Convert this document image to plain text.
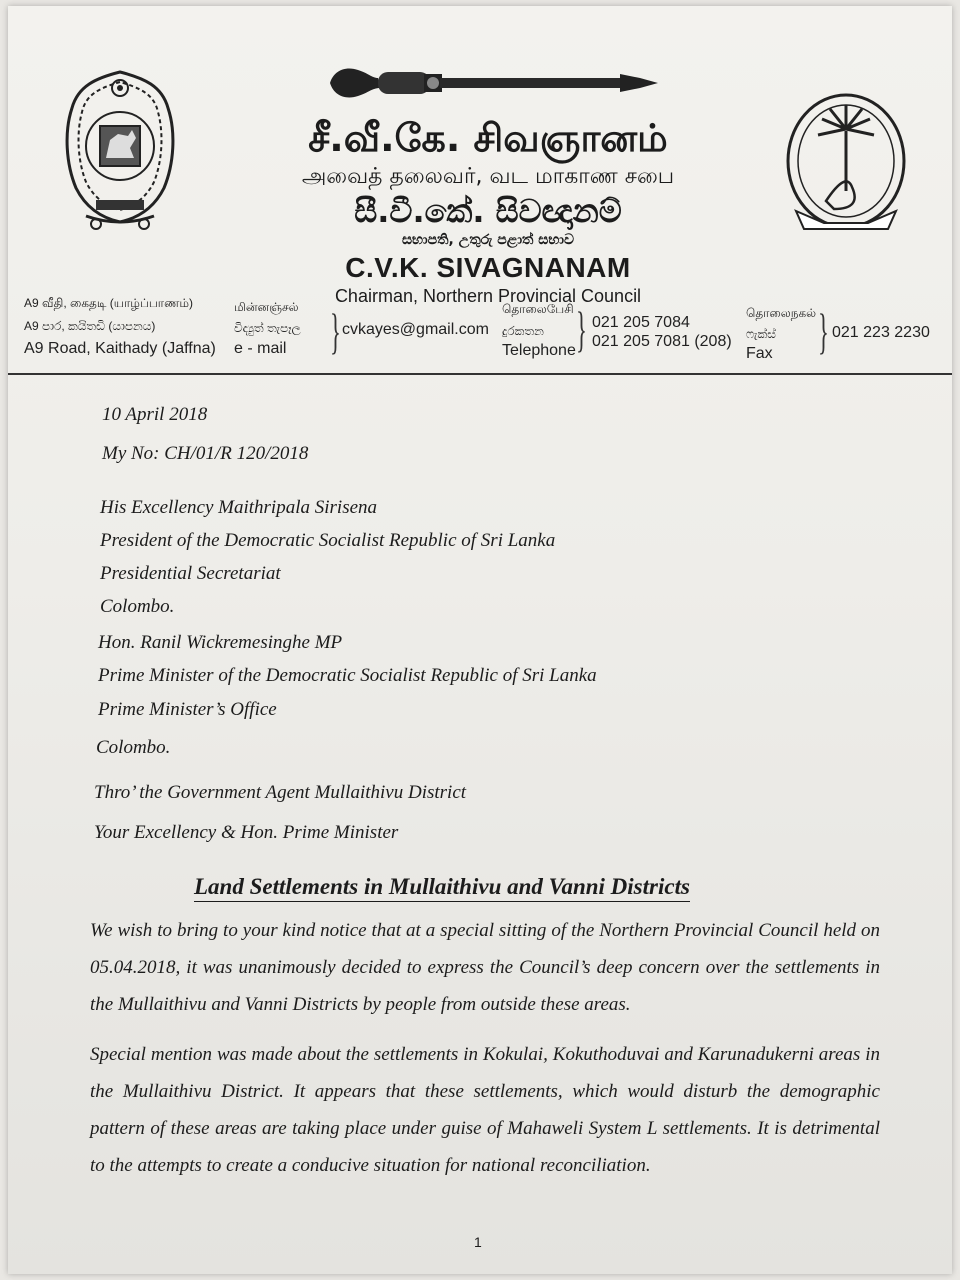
சீ.வீ.கே. சிவஞானம்
அவைத் தலைவர், வட மாகாண சபை
සී.වී.කේ. සිවඥානම්
සභාපති, උතුරු පළාත් සභාව
C.V.K. SIVAGNANAM
Chairman, Northern Provincial Council
A9 வீதி, கைதடி (யாழ்ப்பாணம்)
A9 පාර, කයිතඩි (යාපනය)
A9 Road, Kaithady (Jaffna)
மின்னஞ்சல்
විද්‍යුත් තැපෑල
e - mail } cvkayes@gmail.com
தொலைபேசி
දුරකතන
Telephone } 021 205 7084
021 205 7081 (208)
தொலைநகல்
ෆැක්ස්
Fax } 021 223 2230
10 April 2018
My No: CH/01/R 120/2018
His Excellency Maithripala Sirisena
President of the Democratic Socialist Republic of Sri Lanka
Presidential Secretariat
Colombo.
Hon. Ranil Wickremesinghe MP
Prime Minister of the Democratic Socialist Republic of Sri Lanka
Prime Minister’s Office
Colombo.
Thro’ the Government Agent Mullaithivu District
Your Excellency & Hon. Prime Minister
Land Settlements in Mullaithivu and Vanni Districts
We wish to bring to your kind notice that at a special sitting of the Northern Provincial Council held on 05.04.2018, it was unanimously decided to express the Council’s deep concern over the settlements in the Mullaithivu and Vanni Districts by people from outside these areas.
Special mention was made about the settlements in Kokulai, Kokuthoduvai and Karunadukerni areas in the Mullaithivu District. It appears that these settlements, which would disturb the demographic pattern of these areas are taking place under guise of Mahaweli System L settlements. It is detrimental to the attempts to create a conducive situation for national reconciliation.
1
